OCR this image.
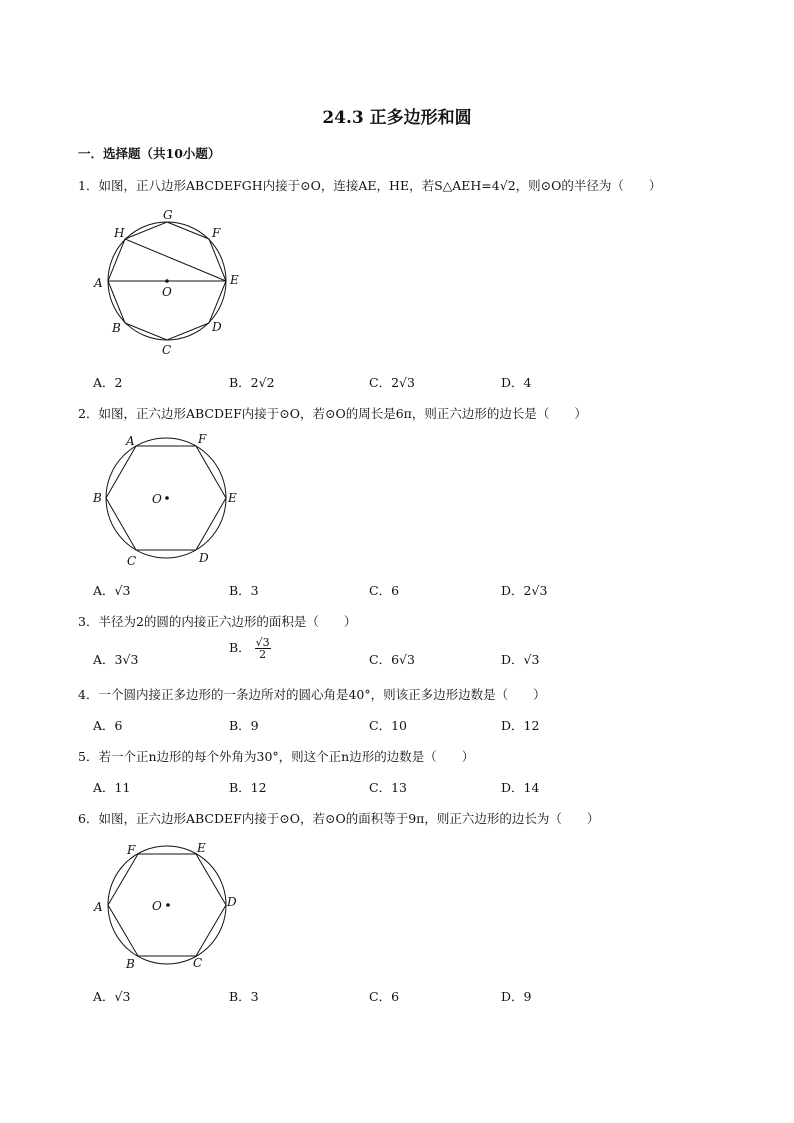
24.3 正多边形和圆
一．选择题（共10小题）
1．如图，正八边形ABCDEFGH内接于⊙O，连接AE，HE，若S△AEH=4√2，则⊙O的半径为（　　）
G
H	F
A
O
E
B	D
C
A．2	B．2√2	C．2√3	D．4
2．如图，正六边形ABCDEF内接于⊙O，若⊙O的周长是6π，则正六边形的边长是（　　）
A	F
B	O	E
C	D
A．√3	B．3	C．6	D．2√3
3．半径为2的圆的内接正六边形的面积是（　　）
A．3√3
B． $\frac{√3}{2}$	C．6√3	D．√3
4．一个圆内接正多边形的一条边所对的圆心角是40°，则该正多边形边数是（　　）
A．6	B．9	C．10	D．12
5．若一个正n边形的每个外角为30°，则这个正n边形的边数是（　　）
A．11	B．12	C．13	D．14
6．如图，正六边形ABCDEF内接于⊙O，若⊙O的面积等于9π，则正六边形的边长为（　　）
F	E
A	O	D
B	C
A．√3	B．3	C．6	D．9
